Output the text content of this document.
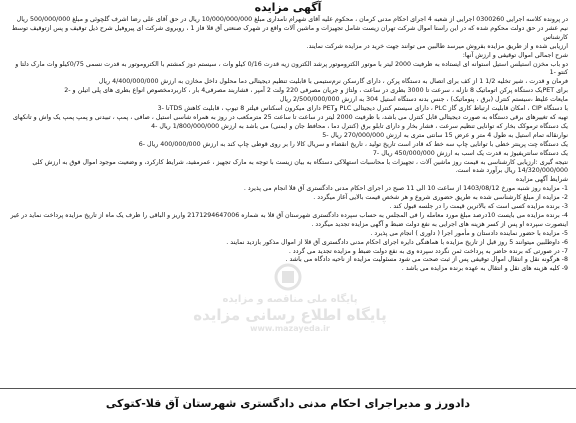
آگهی مزایده
در پرونده کلاسه اجرایی 0300260 اجرایی از شعبه 4 اجرای احکام مدنی کرمان ، محکوم علیه آقای شهرام نامداری مبلغ 10/000/000/000 ریال در حق آقای علی رضا اشرف گلچوئی و مبلغ 500/000/000 ریال
نیم عشر در حق دولت محکوم شده که در این راستا اموال شرکت تهران زیست شامل تجهیزات و ماشین آلات واقع در شهرک صنعتی آق قلا فاز 1 ، روبروی شرکت ای پیروفیل شرح ذیل توقیف و پس ازتوقیف توسط کارشناس
ارزیابی شده و از طریق مزایده بفروش میرسد طالبین می توانند جهت خرید در مزایده شرکت نمایند.
شرح اجمالی اموال توقیفی و ارزش آنها:
دو باب مخزن استیلس استیل استوانه ای ایستاده به ظرفیت 2000 لیتر با موتور الکتروموتور پرشد الکترون زیه قدرت 0/16 کیلو وات ، سیستم دوز کمشتم با الکتروموتور به قدرت نسمی 0/75کیلو وات مارک دلتا و کنتو -1
فرمان و قدرت ، شیر تخلیه 1/2 1 از کف برای اتصال به دستگاه پرکن ، دارای گارسکن نرم‌ستیمی با قابلیت تنظیم دیجیتالی دما محلول داخل مخازن به ارزش 4/400/000/000 ریال
برای PETیک دستگاه پرکن اتوماتیک 8 نازله ، سرعت تا 3000 بطری در ساعت ، ولتاژ و جریان مصرفی 220 ولت 2 آمپر ، فشاربند مصرفی4 بار ، کاربردمخصوص انواع بطری های پلی اتیلن و -2
مایعات غلیظ ،سیستم کنترل (برق ، پنوماتیک) ، جنس بدنه دستگاه استیل 304 به ارزش 2/500/000/000 ریال
با دستگاه CIP ، امکان قابلیت ارتباط کاری گاز PLC ، دارای سیستم کنترل دیجیتالی PLC وPET دارای میکرون اسکناس فیلتر 8 تیوپ ، قابلیت کاهش TDSتا -3
تهیه که تغییرهای برقی دستگاه به صورت دیجیتالی قابل کنترل می باشد، با ظرفیت 2000 لیتر در ساعت تا ساعت 25 مترمکعب در روز به همراه شاسی استیل ، صافی ، پمپ ، تبیدنی و پمپ پمپ یک واش و تانکهای
یک دستگاه ترموکک بخار که توانایی تنظیم سرعت ، فشار بخار و دارای تابلو برق (کنترل دما ، محافظ جان و ایمنی) می باشد به ارزش 1/800/000/000 ریال -4
نوارنقاله تمام استیل به طول 4 متر و عرض 15 سانتی متری به ارزش 270/000/000 ریال -5
یک دستگاه چت پرینتر خطی با توانایی چاپ سه خط که قادر است تاریخ تولید ، تاریخ انقضاء و سریال کالا را بر روی قوطی چاپ کند به ارزش 400/000/000 ریال -6
یک دستگاه سانتریفیوژ به قدرت یک اسب به ارزش 450/000/000 ریال -7
نتیجه گیری :ارزیابی کارشناسی به قیمت روز ماشین آلات ، تجهیزات با محاسبات استهلاکی دستگاه به بیان زیست با توجه به مارک تجهیز ، عمرمفید، شرایط کارکرد، و وضعیت موجود اموال فوق به ارزش کلی
14/320/000/000 ریال برآورد شده است.
شرایط آگهی مزایده
1- مزایده روز شنبه مورخ 1403/08/12 از ساعت 10 الی 11 صبح در اجرای احکام مدنی دادگستری آق قلا انجام می پذیرد .
2- مزایده از مبلغ کارشناسی شده به طریق حضوری شروع و هر شخص قیمت بالایی آغاز میگردد .
3- برنده مزایده کسی است که بالاترین قیمت را در جلسه قبول کند .
4- برنده مزایده می بایست 10درصد مبلغ مورد معامله را فی المجلس به حساب سپرده دادگستری شهرستان آق قلا به شماره 2171294647006 واریز و الباقی را ظرف یک ماه از تاریخ مزایده پرداخت نماید در غیر
اینصورت سپرده او پس از کسر هزینه های اجرایی به نفع دولت ضبط و آگهی مزایده تجدید میگردد .
5- مزایده با حضور نماینده دادستان و مأمور اجرا ( داوری ) انجام می پذیرد .
6- داوطلبین میتوانند 5 روز قبل از تاریخ مزایده با هماهنگی دایره اجرای احکام مدنی دادگستری آق قلا از اموال مذکور بازدید نمایند .
7- در صورتی که برنده حاضر به پرداخت ثمن نگردد سپرده وی به نفع دولت ضبط و مزایده تجدید می گردد .
8- هرگونه نقل و انتقال اموال توقیفی پس از ثبت صحت می شود مسئولیت مزایده از ناحیه دادگاه می باشد .
9- کلیه هزینه های نقل و انتقال به عهده برنده مزایده می باشد .
پایگاه ملی مناقصه و مزایده
پایگاه اطلاع رسانی مزایده
www.mazayeda.ir
دادورز و مدیراجرای احکام مدنی دادگستری شهرستان آق قلا-کتوکی
